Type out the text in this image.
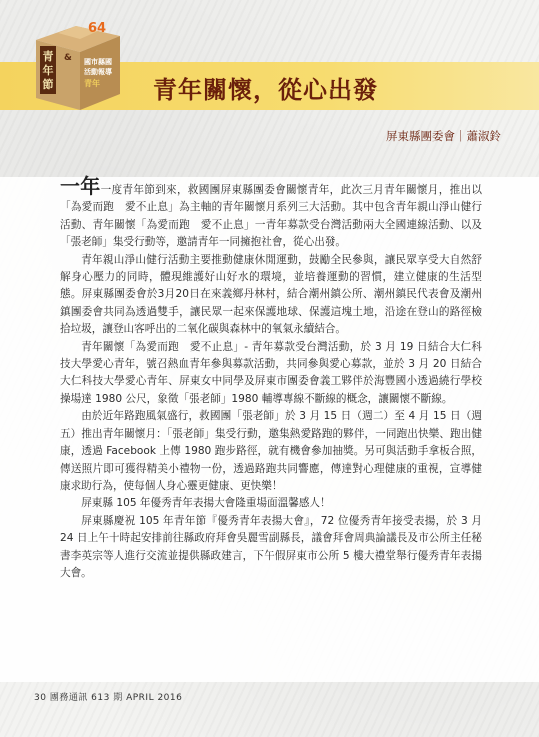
青
年
節
& 國市縣國
活動報導
青年
64
青年關懷，從心出發
屏東縣團委會｜蕭淑鈴

一年一度青年節到來，救國團屏東縣團委會關懷青年，此次三月青年關懷月，推出以「為愛而跑　愛不止息」為主軸的青年關懷月系列三大活動。其中包含青年親山淨山健行活動、青年關懷「為愛而跑　愛不止息」一青年募款受台灣活動兩大全國連線活動、以及「張老師」集受行動等，邀請青年一同擁抱社會，從心出發。

青年親山淨山健行活動主要推動健康休閒運動，鼓勵全民參與，讓民眾享受大自然舒解身心壓力的同時，體現維護好山好水的環境，並培養運動的習慣，建立健康的生活型態。屏東縣團委會於3月20日在來義鄉丹林村，結合潮州鎮公所、潮州鎮民代表會及潮州鎮團委會共同為透過雙手，讓民眾一起來保護地球、保護這塊土地，沿途在登山的路徑檢拾垃圾，讓登山客呼出的二氧化碳與森林中的氧氣永續結合。

青年關懷「為愛而跑　愛不止息」- 青年募款受台灣活動，於 3 月 19 日結合大仁科技大學愛心青年，號召熱血青年參與募款活動，共同參與愛心募款，並於 3 月 20 日結合大仁科技大學愛心青年、屏東女中同學及屏東市團委會義工夥伴於海豐國小透過繞行學校操場達 1980 公尺，象徵「張老師」1980 輔導專線不斷線的概念，讓關懷不斷線。

由於近年路跑風氣盛行，救國團「張老師」於 3 月 15 日（週二）至 4 月 15 日（週五）推出青年關懷月：「張老師」集受行動，邀集熱愛路跑的夥伴，一同跑出快樂、跑出健康，透過 Facebook 上傳 1980 跑步路徑，就有機會參加抽獎。另可與活動手拿板合照，傳送照片即可獲得精美小禮物一份，透過路跑共同響應，傳達對心理健康的重視，宣導健康求助行為，使每個人身心靈更健康、更快樂！

屏東縣 105 年優秀青年表揚大會隆重場面溫馨感人！

屏東縣慶祝 105 年青年節『優秀青年表揚大會』，72 位優秀青年接受表揚，於 3 月 24 日上午十時起安排前往縣政府拜會吳麗雪副縣長，議會拜會周典論議長及市公所主任秘書李英宗等人進行交流並提供縣政建言，下午假屏東市公所 5 樓大禮堂舉行優秀青年表揚大會。

30 團務通訊 613 期 APRIL 2016
